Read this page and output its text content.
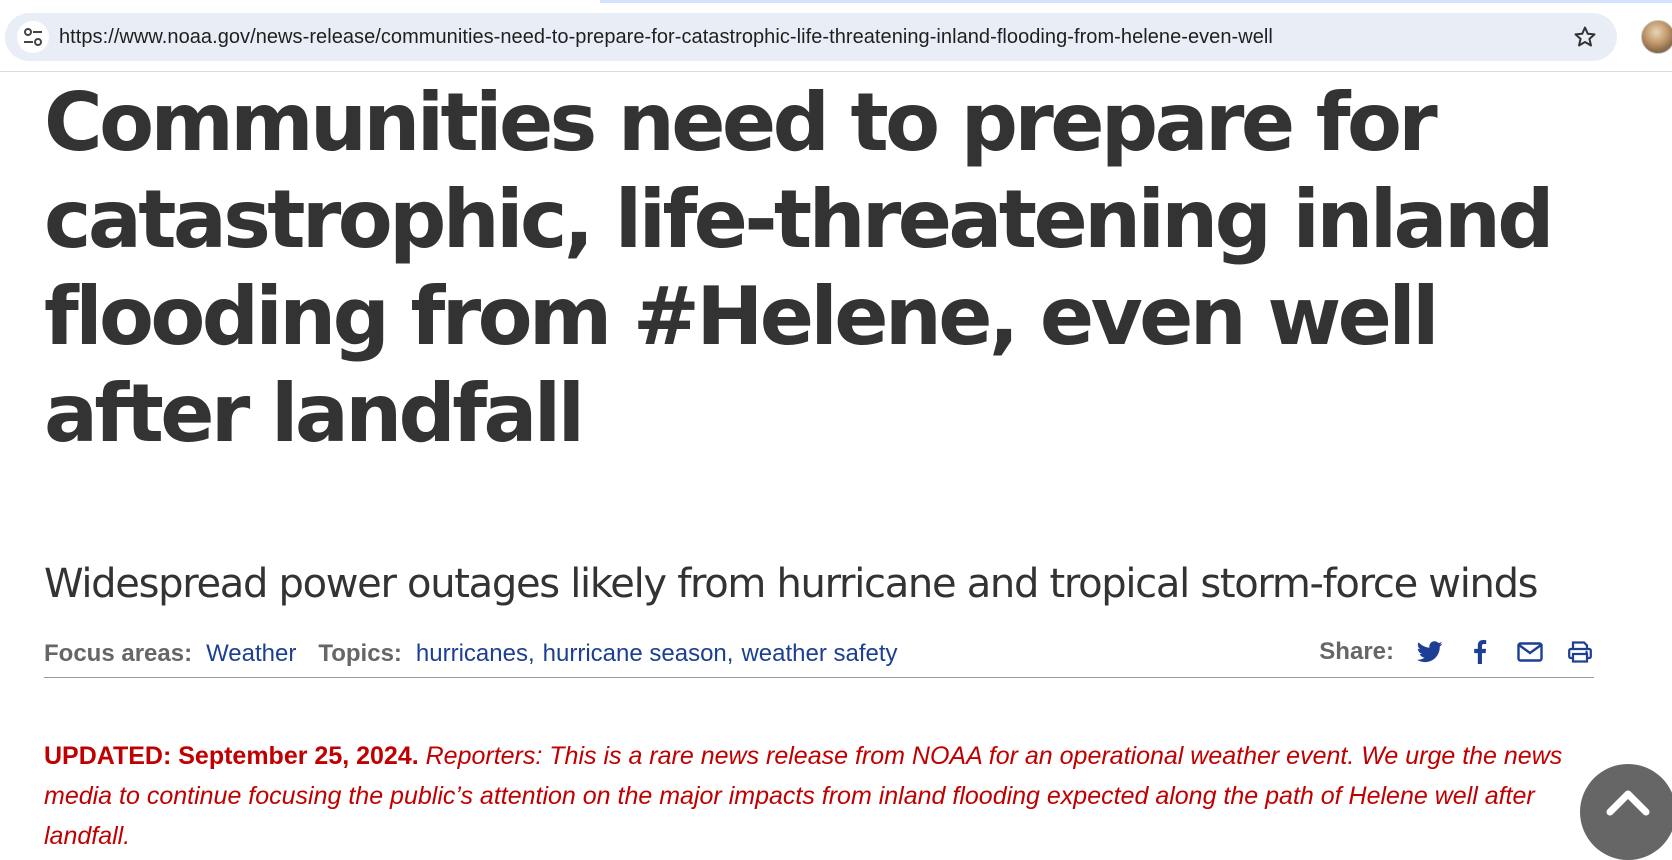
https://www.noaa.gov/news-release/communities-need-to-prepare-for-catastrophic-life-threatening-inland-flooding-from-helene-even-well
Communities need to prepare for catastrophic, life-threatening inland flooding from #Helene, even well after landfall
Widespread power outages likely from hurricane and tropical storm-force winds
Focus areas: Weather Topics: hurricanes , hurricane season , weather safety	Share:

UPDATED: September 25, 2024. Reporters: This is a rare news release from NOAA for an operational weather event. We urge the news media to continue focusing the public’s attention on the major impacts from inland flooding expected along the path of Helene well after landfall.
